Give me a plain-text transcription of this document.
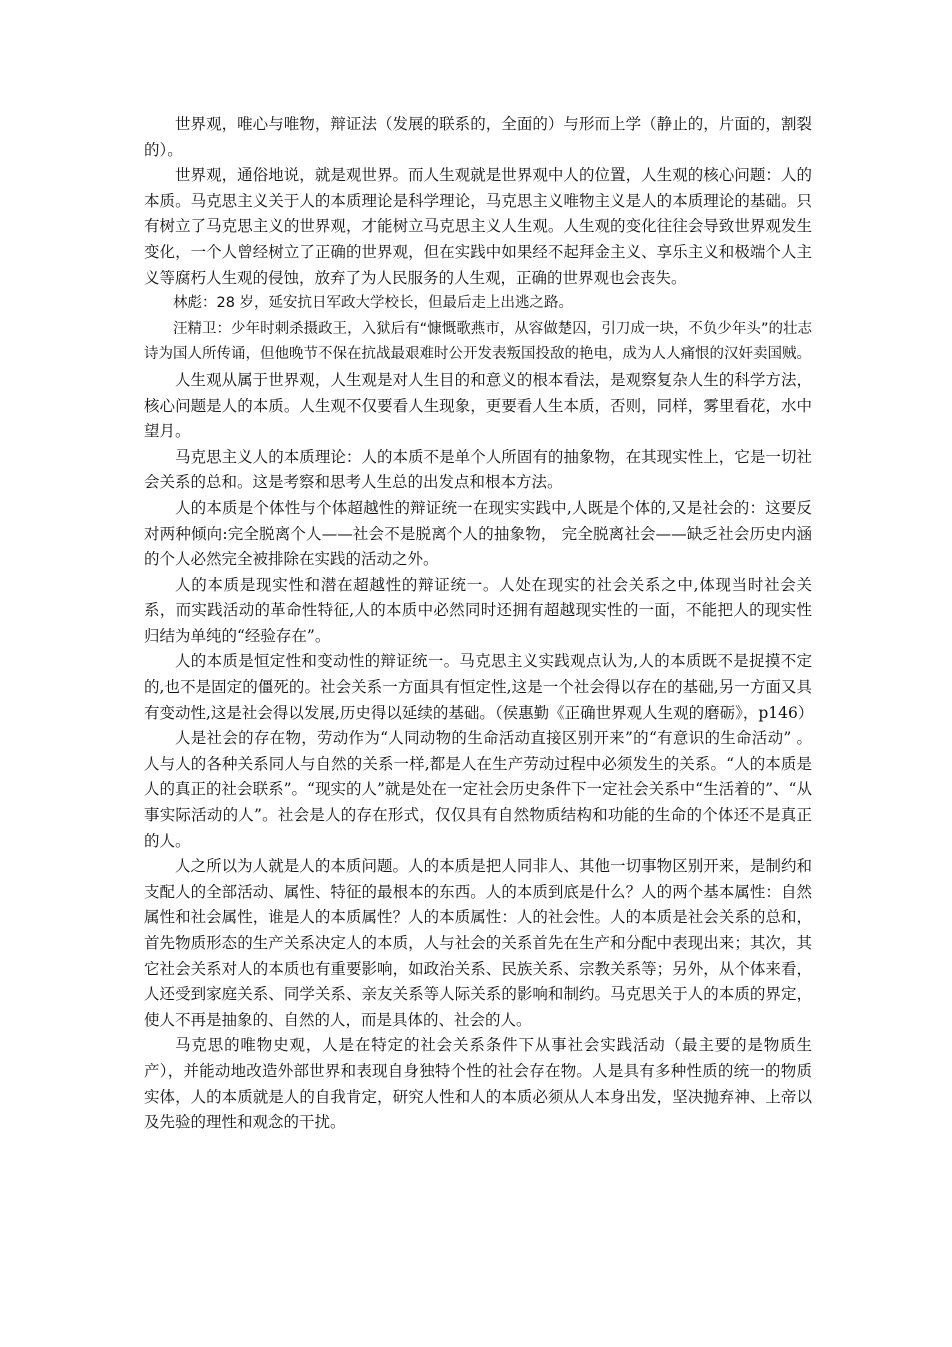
世界观，唯心与唯物，辩证法（发展的联系的，全面的）与形而上学（静止的，片面的，割裂的）。

世界观，通俗地说，就是观世界。而人生观就是世界观中人的位置，人生观的核心问题：人的本质。马克思主义关于人的本质理论是科学理论，马克思主义唯物主义是人的本质理论的基础。只有树立了马克思主义的世界观，才能树立马克思主义人生观。人生观的变化往往会导致世界观发生变化，一个人曾经树立了正确的世界观，但在实践中如果经不起拜金主义、享乐主义和极端个人主义等腐朽人生观的侵蚀，放弃了为人民服务的人生观，正确的世界观也会丧失。

林彪：28 岁，延安抗日军政大学校长，但最后走上出逃之路。

汪精卫：少年时刺杀摄政王，入狱后有“慷慨歌燕市，从容做楚囚，引刀成一块，不负少年头”的壮志诗为国人所传诵，但他晚节不保在抗战最艰难时公开发表叛国投敌的艳电，成为人人痛恨的汉奸卖国贼。

人生观从属于世界观，人生观是对人生目的和意义的根本看法，是观察复杂人生的科学方法，核心问题是人的本质。人生观不仅要看人生现象，更要看人生本质，否则，同样，雾里看花，水中望月。

马克思主义人的本质理论：人的本质不是单个人所固有的抽象物，在其现实性上，它是一切社会关系的总和。这是考察和思考人生总的出发点和根本方法。

人的本质是个体性与个体超越性的辩证统一在现实实践中,人既是个体的,又是社会的：这要反对两种倾向:完全脱离个人——社会不是脱离个人的抽象物， 完全脱离社会——缺乏社会历史内涵的个人必然完全被排除在实践的活动之外。

人的本质是现实性和潜在超越性的辩证统一。人处在现实的社会关系之中,体现当时社会关系，而实践活动的革命性特征,人的本质中必然同时还拥有超越现实性的一面，不能把人的现实性归结为单纯的“经验存在”。

人的本质是恒定性和变动性的辩证统一。马克思主义实践观点认为,人的本质既不是捉摸不定的,也不是固定的僵死的。社会关系一方面具有恒定性,这是一个社会得以存在的基础,另一方面又具有变动性,这是社会得以发展,历史得以延续的基础。（侯惠勤《正确世界观人生观的磨砺》，p146）

人是社会的存在物，劳动作为“人同动物的生命活动直接区别开来”的“有意识的生命活动” 。人与人的各种关系同人与自然的关系一样,都是人在生产劳动过程中必须发生的关系。“人的本质是人的真正的社会联系”。“现实的人”就是处在一定社会历史条件下一定社会关系中“生活着的”、“从事实际活动的人”。社会是人的存在形式，仅仅具有自然物质结构和功能的生命的个体还不是真正的人。

人之所以为人就是人的本质问题。人的本质是把人同非人、其他一切事物区别开来，是制约和支配人的全部活动、属性、特征的最根本的东西。人的本质到底是什么？人的两个基本属性：自然属性和社会属性，谁是人的本质属性？人的本质属性：人的社会性。人的本质是社会关系的总和，首先物质形态的生产关系决定人的本质，人与社会的关系首先在生产和分配中表现出来；其次，其它社会关系对人的本质也有重要影响，如政治关系、民族关系、宗教关系等；另外，从个体来看，人还受到家庭关系、同学关系、亲友关系等人际关系的影响和制约。马克思关于人的本质的界定，使人不再是抽象的、自然的人，而是具体的、社会的人。

马克思的唯物史观，人是在特定的社会关系条件下从事社会实践活动（最主要的是物质生产），并能动地改造外部世界和表现自身独特个性的社会存在物。人是具有多种性质的统一的物质实体，人的本质就是人的自我肯定，研究人性和人的本质必须从人本身出发，坚决抛弃神、上帝以及先验的理性和观念的干扰。
